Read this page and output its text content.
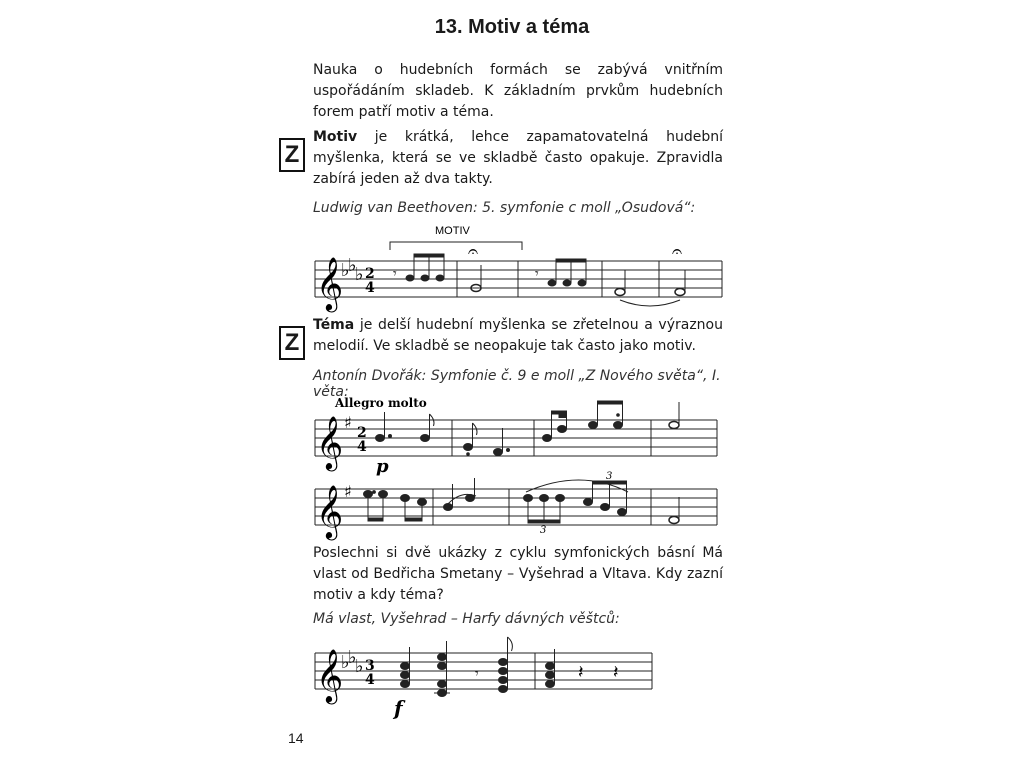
13. Motiv a téma
Nauka o hudebních formách se zabývá vnitřním uspořádáním skladeb. K základním prvkům hudebních forem patří motiv a téma.
Z
Motiv je krátká, lehce zapamatovatelná hudební myšlenka, která se ve skladbě často opakuje. Zpravidla zabírá jeden až dva takty.
Ludwig van Beethoven: 5. symfonie c moll „Osudová“:
𝄞
♭
♭
♭ 2
4
MOTIV
𝄾
𝄐
𝄾
𝄐
Z
Téma je delší hudební myšlenka se zřetelnou a výraznou melodií. Ve skladbě se neopakuje tak často jako motiv.
Antonín Dvořák: Symfonie č. 9 e moll „Z Nového světa“, I. věta:
Allegro molto
𝄞 ♯
2
4
p
𝄞 ♯
3
3
Poslechni si dvě ukázky z cyklu symfonických básní Má vlast od Bedřicha Smetany – Vyšehrad a Vltava. Kdy zazní motiv a kdy téma?
Má vlast, Vyšehrad – Harfy dávných věštců:
𝄞
♭
♭
♭ 3
4	𝄾	𝄽 𝄽
f
14
